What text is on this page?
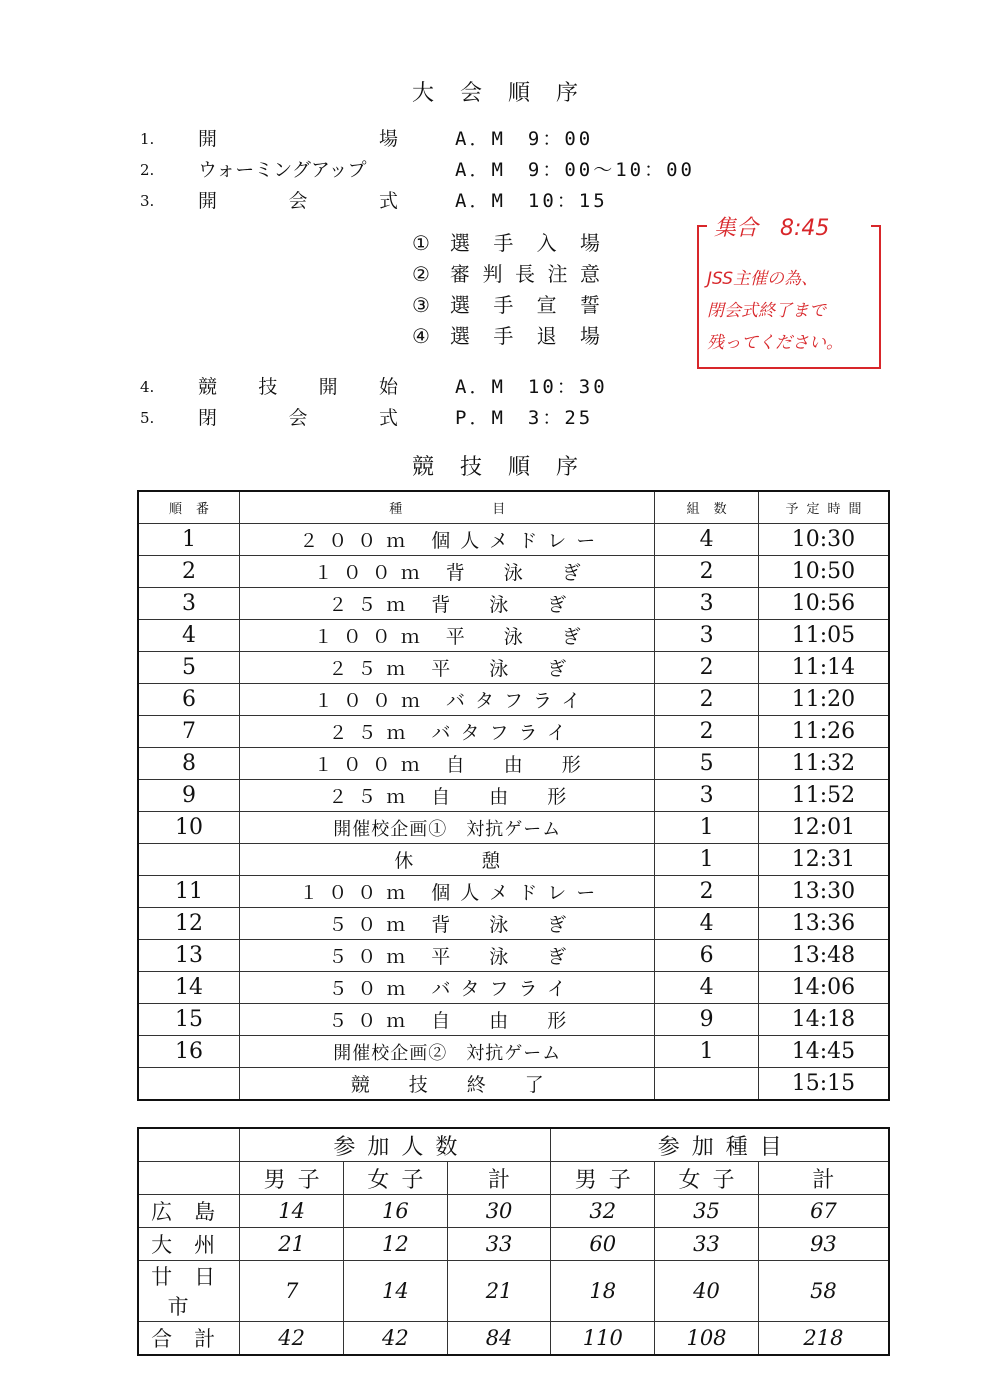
大会順序
1.	開 場	A．M　9：00
2.	ウォーミングアップ	A．M　9：00～10：00
3.	開 会 式	A．M　10：15
4.	競 技 開 始	A．M　10：30
5.	閉 会 式	P．M　3：25
① 選手入場
② 審判長注意
③ 選手宣誓
④ 選手退場
集合　8:45
JSS主催の為、
閉会式終了まで
残ってください。
競技順序
順番	種目	組数	予定時間
1	２００ｍ 個人メドレー	4	10:30
2	１００ｍ 背　泳　ぎ	2	10:50
3	２５ｍ 背　泳　ぎ	3	10:56
4	１００ｍ 平　泳　ぎ	3	11:05
5	２５ｍ 平　泳　ぎ	2	11:14
6	１００ｍ バタフライ	2	11:20
7	２５ｍ バタフライ	2	11:26
8	１００ｍ 自　由　形	5	11:32
9	２５ｍ 自　由　形	3	11:52
10	開催校企画①　対抗ゲーム	1	12:01
	休　　憩	1	12:31
11	１００ｍ 個人メドレー	2	13:30
12	５０ｍ 背　泳　ぎ	4	13:36
13	５０ｍ 平　泳　ぎ	6	13:48
14	５０ｍ バタフライ	4	14:06
15	５０ｍ 自　由　形	9	14:18
16	開催校企画②　対抗ゲーム	1	14:45
	競　技　終　了		15:15
	参加人数			参加種目		
	男子	女子	計	男子	女子	計
広島	14	16	30	32	35	67
大州	21	12	33	60	33	93
廿日市	7	14	21	18	40	58
合計	42	42	84	110	108	218
